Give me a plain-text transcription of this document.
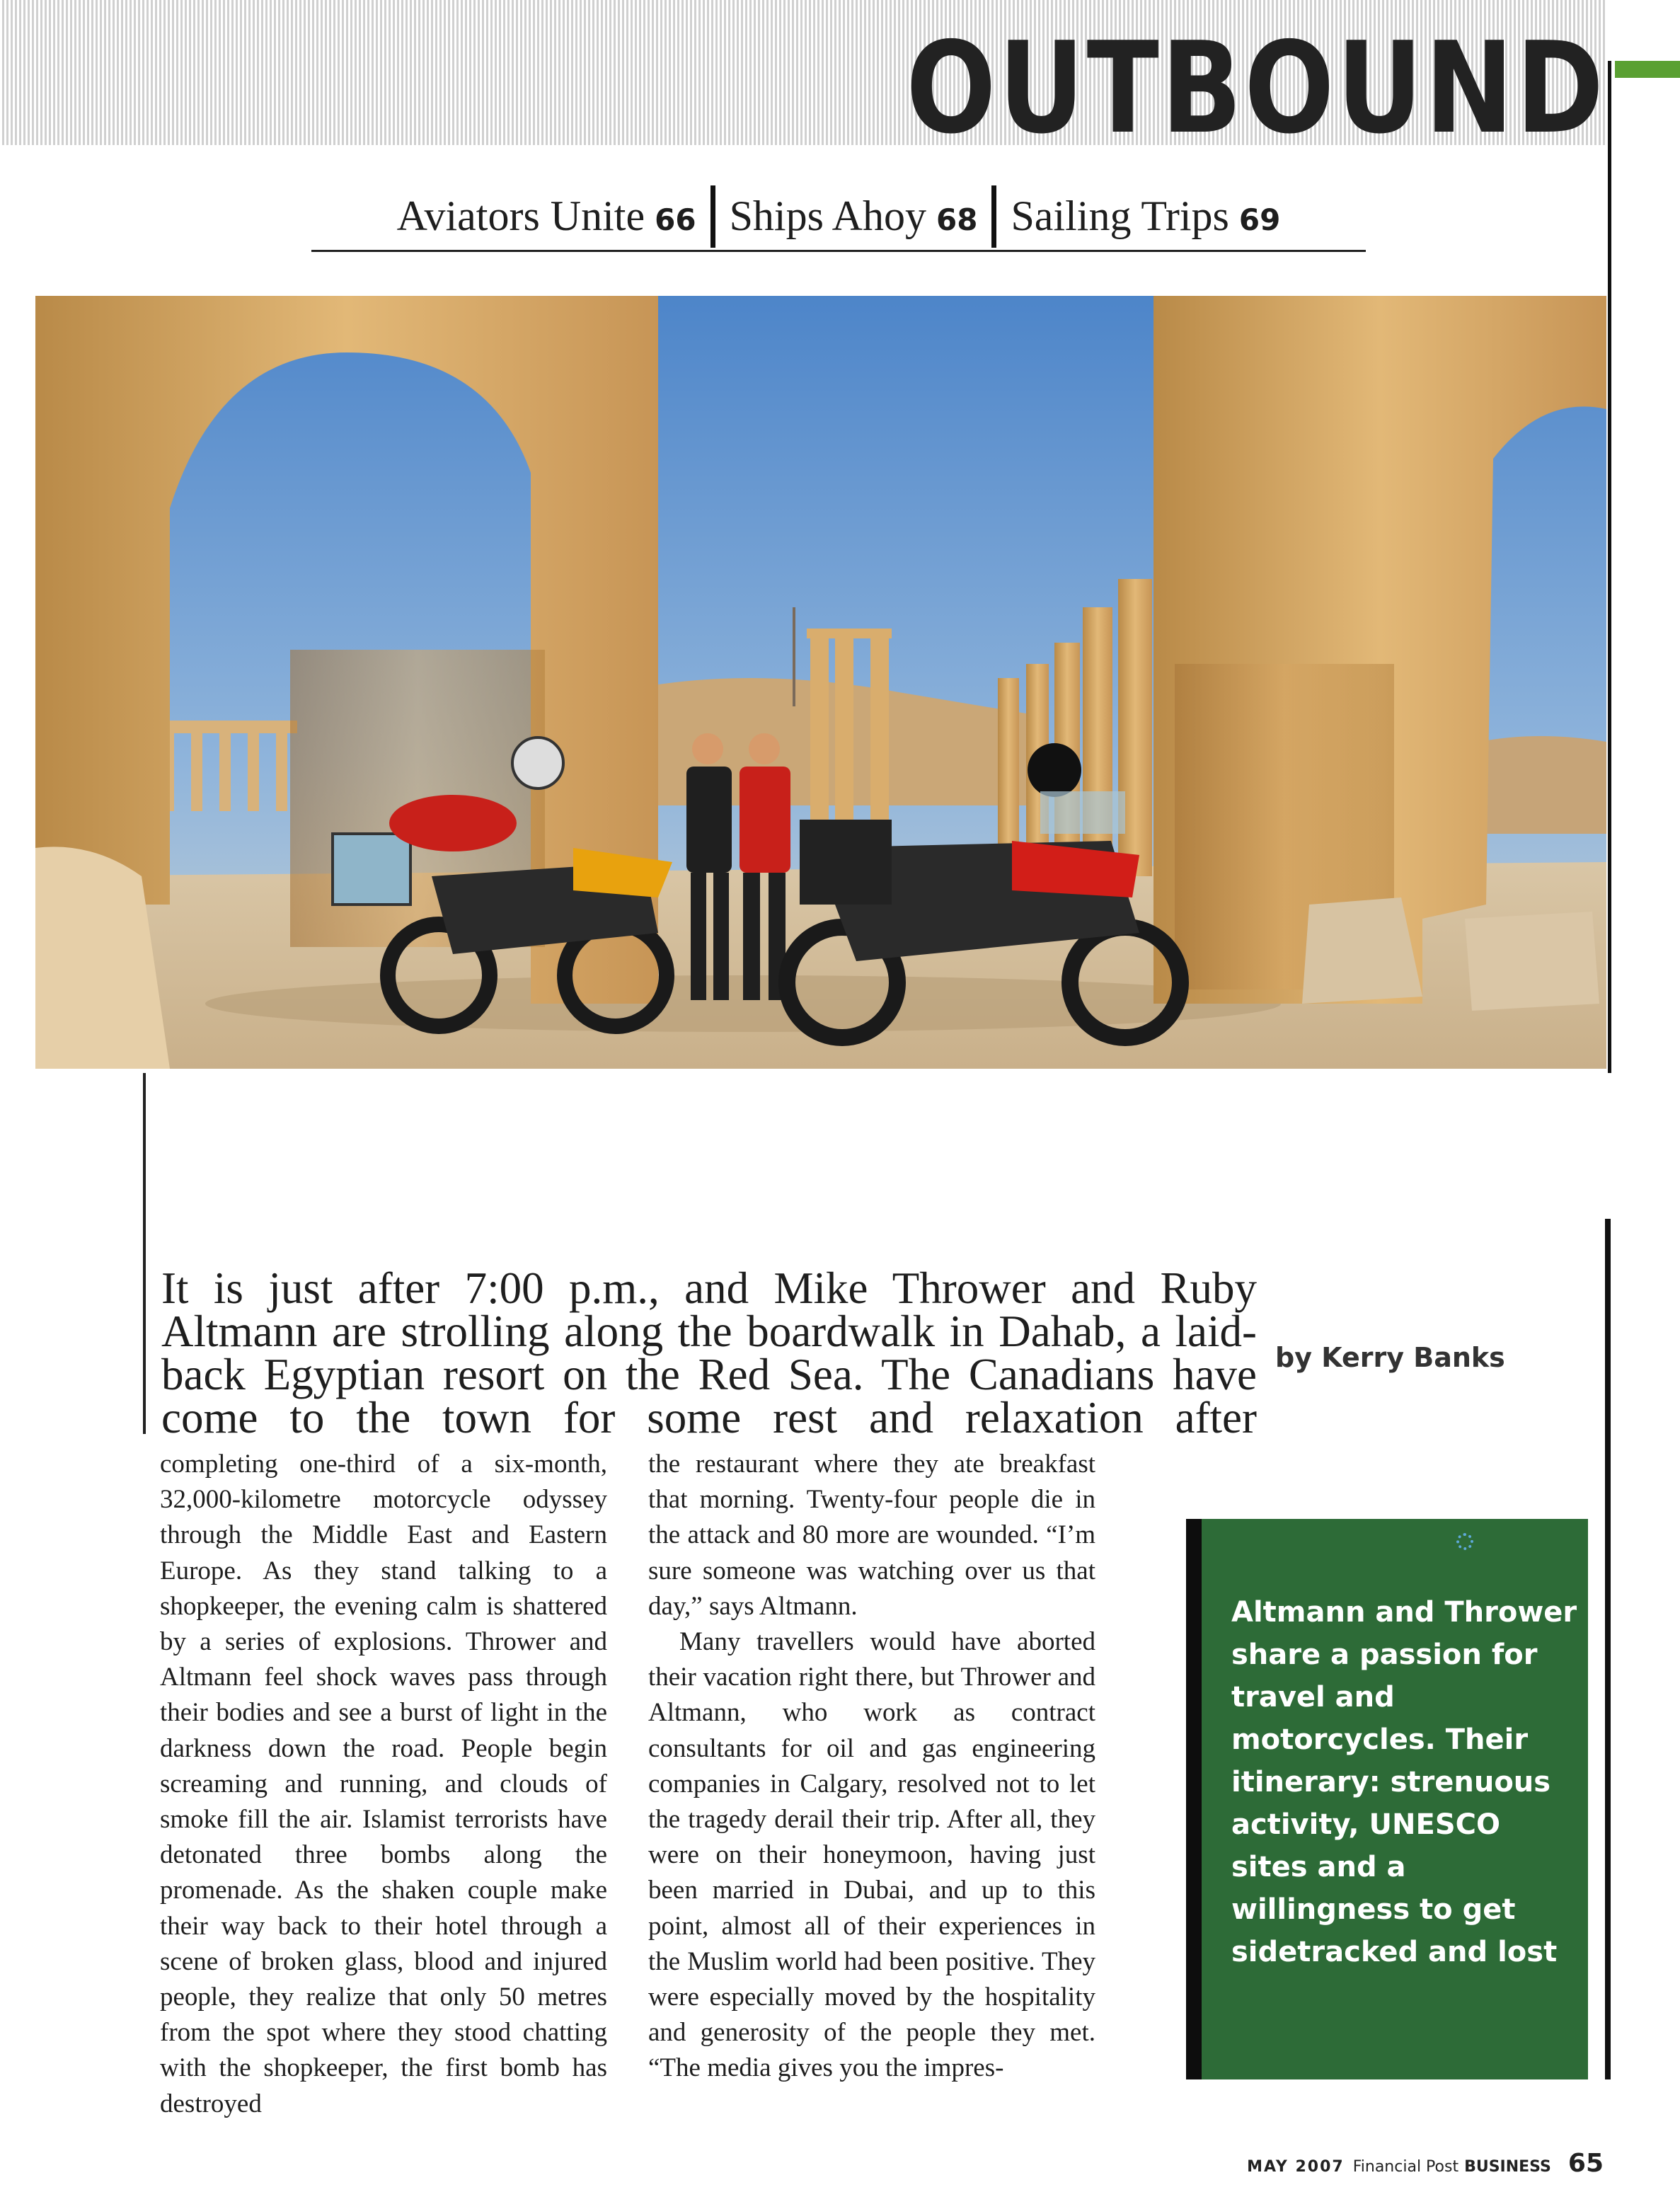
OUTBOUND
Aviators Unite 66 Ships Ahoy 68 Sailing Trips 69
It is just after 7:00 p.m., and Mike Thrower and Ruby Altmann are strolling along the boardwalk in Dahab, a laid-back Egyptian resort on the Red Sea. The Canadians have come to the town for some rest and relaxation after
by Kerry Banks

completing one-third of a six-month, 32,000-kilometre motorcycle odyssey through the Middle East and Eastern Europe. As they stand talking to a shopkeeper, the evening calm is shattered by a series of explosions. Thrower and Altmann feel shock waves pass through their bodies and see a burst of light in the darkness down the road. People begin screaming and running, and clouds of smoke fill the air. Islamist terrorists have detonated three bombs along the promenade. As the shaken couple make their way back to their hotel through a scene of broken glass, blood and injured people, they realize that only 50 metres from the spot where they stood chatting with the shopkeeper, the first bomb has destroyed

the restaurant where they ate breakfast that morning. Twenty-four people die in the attack and 80 more are wounded. “I’m sure someone was watching over us that day,” says Altmann.

Many travellers would have aborted their vacation right there, but Thrower and Altmann, who work as contract consultants for oil and gas engineering companies in Calgary, resolved not to let the tragedy derail their trip. After all, they were on their honeymoon, having just been married in Dubai, and up to this point, almost all of their experiences in the Muslim world had been positive. They were especially moved by the hospitality and generosity of the people they met. “The media gives you the impres-

Altmann and Thrower share a passion for travel and motorcycles. Their itinerary: strenuous activity, UNESCO sites and a willingness to get sidetracked and lost
MAY 2007 Financial Post BUSINESS 65
